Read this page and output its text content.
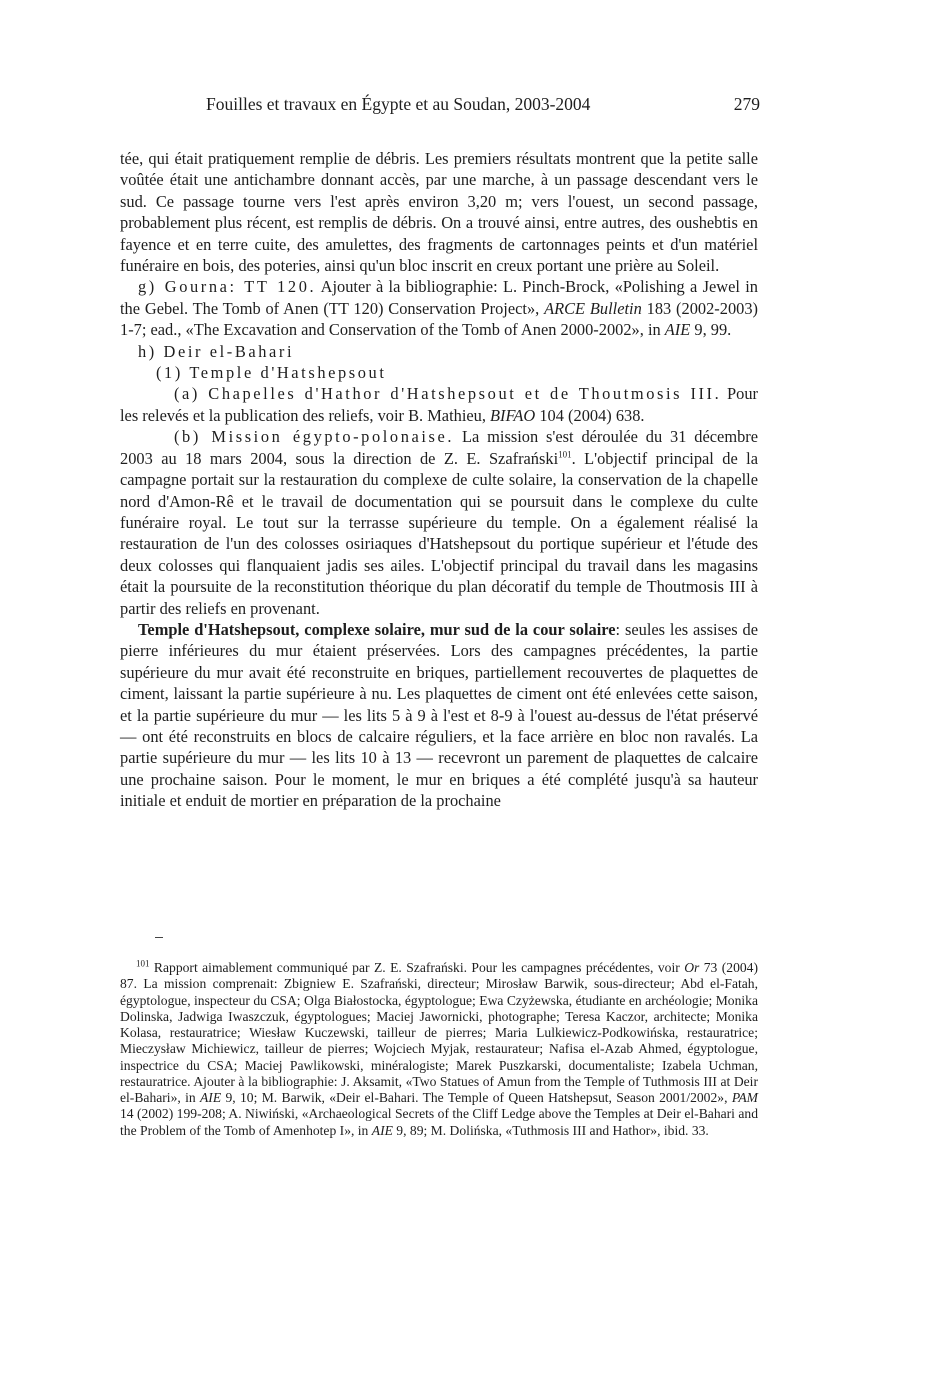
Fouilles et travaux en Égypte et au Soudan, 2003-2004	279

tée, qui était pratiquement remplie de débris. Les premiers résultats montrent que la petite salle voûtée était une antichambre donnant accès, par une marche, à un passage descendant vers le sud. Ce passage tourne vers l'est après environ 3,20 m; vers l'ouest, un second passage, probablement plus récent, est remplis de débris. On a trouvé ainsi, entre autres, des oushebtis en fayence et en terre cuite, des amulettes, des fragments de cartonnages peints et d'un matériel funéraire en bois, des poteries, ainsi qu'un bloc inscrit en creux portant une prière au Soleil.

g) Gourna: TT 120. Ajouter à la bibliographie: L. Pinch-Brock, «Polishing a Jewel in the Gebel. The Tomb of Anen (TT 120) Conservation Project», ARCE Bulletin 183 (2002-2003) 1-7; ead., «The Excavation and Conservation of the Tomb of Anen 2000-2002», in AIE 9, 99.

h) Deir el-Bahari

(1) Temple d'Hatshepsout

(a) Chapelles d'Hathor d'Hatshepsout et de Thoutmosis III. Pour les relevés et la publication des reliefs, voir B. Mathieu, BIFAO 104 (2004) 638.

(b) Mission égypto-polonaise. La mission s'est déroulée du 31 décembre 2003 au 18 mars 2004, sous la direction de Z. E. Szafrański$^{101}$. L'objectif principal de la campagne portait sur la restauration du complexe de culte solaire, la conservation de la chapelle nord d'Amon-Rê et le travail de documentation qui se poursuit dans le complexe du culte funéraire royal. Le tout sur la terrasse supérieure du temple. On a également réalisé la restauration de l'un des colosses osiriaques d'Hatshepsout du portique supérieur et l'étude des deux colosses qui flanquaient jadis ses ailes. L'objectif principal du travail dans les magasins était la poursuite de la reconstitution théorique du plan décoratif du temple de Thoutmosis III à partir des reliefs en provenant.

Temple d'Hatshepsout, complexe solaire, mur sud de la cour solaire: seules les assises de pierre inférieures du mur étaient préservées. Lors des campagnes précédentes, la partie supérieure du mur avait été reconstruite en briques, partiellement recouvertes de plaquettes de ciment, laissant la partie supérieure à nu. Les plaquettes de ciment ont été enlevées cette saison, et la partie supérieure du mur — les lits 5 à 9 à l'est et 8-9 à l'ouest au-dessus de l'état préservé — ont été reconstruits en blocs de calcaire réguliers, et la face arrière en bloc non ravalés. La partie supérieure du mur — les lits 10 à 13 — recevront un parement de plaquettes de calcaire une prochaine saison. Pour le moment, le mur en briques a été complété jusqu'à sa hauteur initiale et enduit de mortier en préparation de la prochaine

$^{101}$ Rapport aimablement communiqué par Z. E. Szafrański. Pour les campagnes précédentes, voir Or 73 (2004) 87. La mission comprenait: Zbigniew E. Szafrański, directeur; Mirosław Barwik, sous-directeur; Abd el-Fatah, égyptologue, inspecteur du CSA; Olga Białostocka, égyptologue; Ewa Czyżewska, étudiante en archéologie; Monika Dolinska, Jadwiga Iwaszczuk, égyptologues; Maciej Jawornicki, photographe; Teresa Kaczor, architecte; Monika Kolasa, restauratrice; Wiesław Kuczewski, tailleur de pierres; Maria Lulkiewicz-Podkowińska, restauratrice; Mieczysław Michiewicz, tailleur de pierres; Wojciech Myjak, restaurateur; Nafisa el-Azab Ahmed, égyptologue, inspectrice du CSA; Maciej Pawlikowski, minéralogiste; Marek Puszkarski, documentaliste; Izabela Uchman, restauratrice. Ajouter à la bibliographie: J. Aksamit, «Two Statues of Amun from the Temple of Tuthmosis III at Deir el-Bahari», in AIE 9, 10; M. Barwik, «Deir el-Bahari. The Temple of Queen Hatshepsut, Season 2001/2002», PAM 14 (2002) 199-208; A. Niwiński, «Archaeological Secrets of the Cliff Ledge above the Temples at Deir el-Bahari and the Problem of the Tomb of Amenhotep I», in AIE 9, 89; M. Dolińska, «Tuthmosis III and Hathor», ibid. 33.
